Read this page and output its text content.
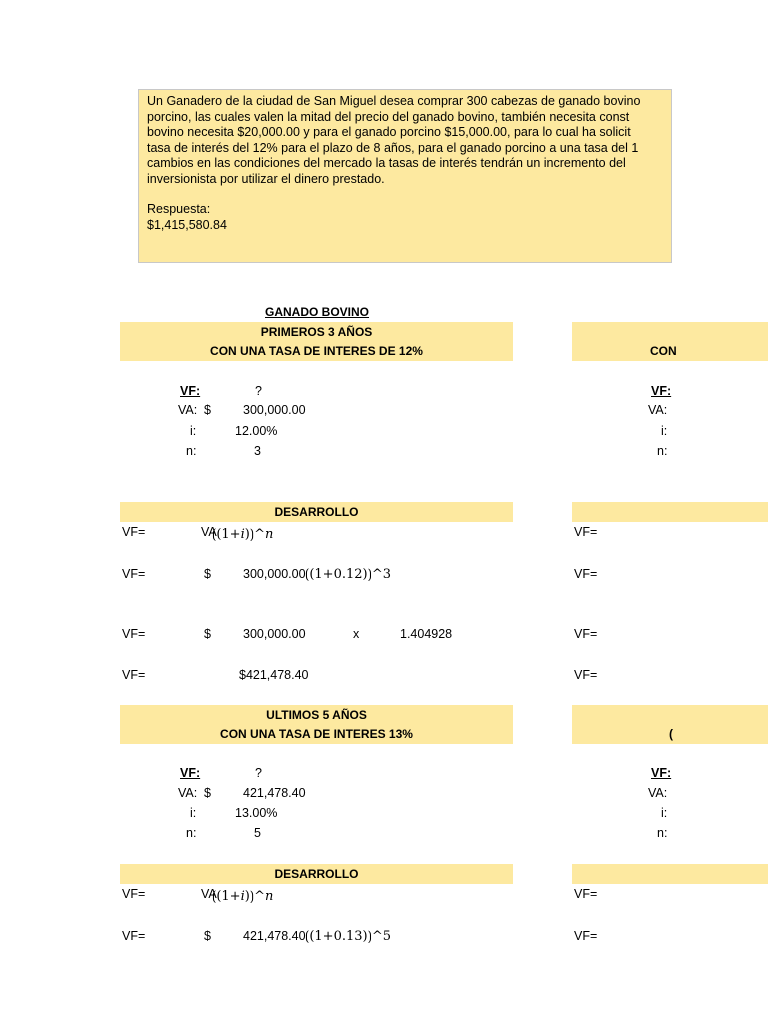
Un Ganadero de la ciudad de San Miguel desea comprar 300 cabezas de ganado bovino
porcino, las cuales valen la mitad del precio del ganado bovino, también necesita const
bovino necesita $20,000.00 y para el ganado porcino $15,000.00, para lo cual ha solicit
tasa de interés del 12% para el plazo de 8 años, para el ganado porcino a una tasa del 1
cambios en las condiciones del mercado la tasas de interés tendrán un incremento del
inversionista por utilizar el dinero prestado.
Respuesta:
$1,415,580.84
GANADO BOVINO
PRIMEROS 3 AÑOS
CON UNA TASA DE INTERES DE 12%	CON
VF:	?
VA: $	300,000.00
i:	12.00%
n:	3
VF:
VA:
i:
n:
DESARROLLO
VF=	VA
⟮(1+𝑖)⟯^𝑛
VF=	$	300,000.00 ⟮(1+0.12)⟯^3
VF=	$	300,000.00	x	1.404928
VF=	$421,478.40
VF=
VF=
VF=
VF=
ULTIMOS 5 AÑOS
CON UNA TASA DE INTERES 13%	(
VF:	?
VA: $	421,478.40
i:	13.00%
n:	5
VF:
VA:
i:
n:
DESARROLLO
VF=	VA
⟮(1+𝑖)⟯^𝑛
VF=	$	421,478.40 ⟮(1+0.13)⟯^5
VF=
VF=
